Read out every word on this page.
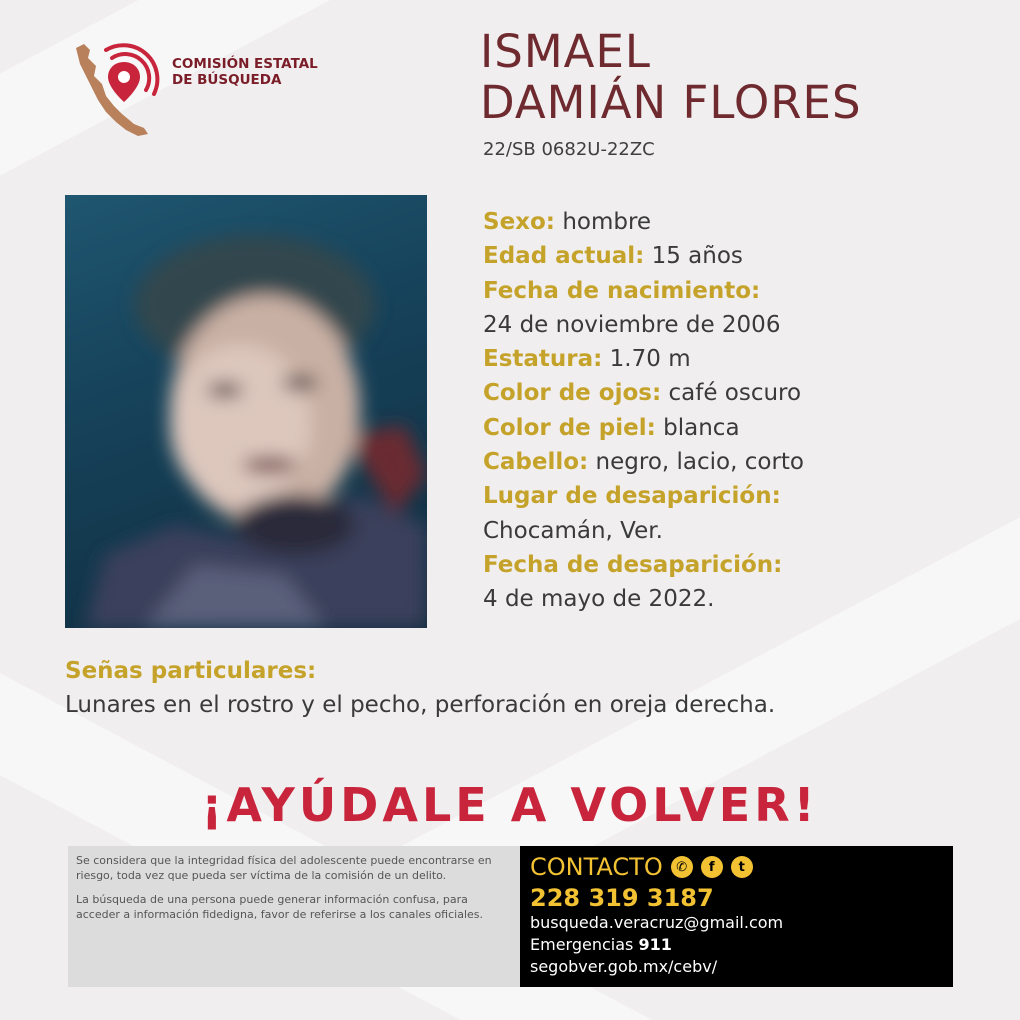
COMISIÓN ESTATAL
DE BÚSQUEDA
ISMAEL
DAMIÁN FLORES
22/SB 0682U-22ZC
Sexo: hombre
Edad actual: 15 años
Fecha de nacimiento:
24 de noviembre de 2006
Estatura: 1.70 m
Color de ojos: café oscuro
Color de piel: blanca
Cabello: negro, lacio, corto
Lugar de desaparición:
Chocamán, Ver.
Fecha de desaparición:
4 de mayo de 2022.
Señas particulares:
Lunares en el rostro y el pecho, perforación en oreja derecha.
¡AYÚDALE A VOLVER!

Se considera que la integridad física del adolescente puede encontrarse en riesgo, toda vez que pueda ser víctima de la comisión de un delito.

La búsqueda de una persona puede generar información confusa, para acceder a información fidedigna, favor de referirse a los canales oficiales.

CONTACTO	✆	f	t
228 319 3187
busqueda.veracruz@gmail.com
Emergencias 911
segobver.gob.mx/cebv/
